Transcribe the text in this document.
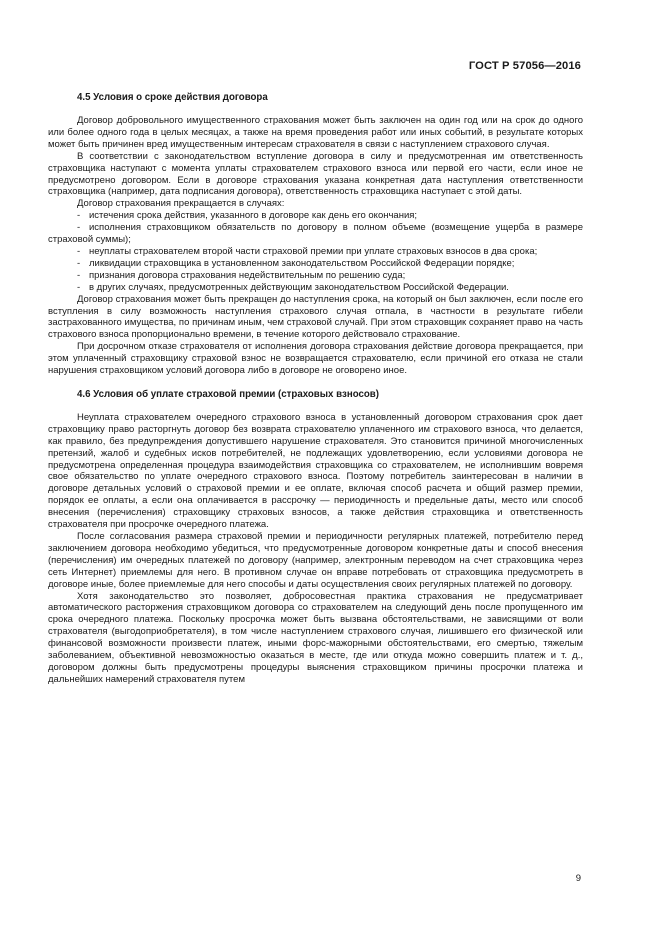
ГОСТ Р 57056—2016
4.5 Условия о сроке действия договора

Договор добровольного имущественного страхования может быть заключен на один год или на срок до одного или более одного года в целых месяцах, а также на время проведения работ или иных событий, в результате которых может быть причинен вред имущественным интересам страхователя в связи с наступлением страхового случая.

В соответствии с законодательством вступление договора в силу и предусмотренная им ответственность страховщика наступают с момента уплаты страхователем страхового взноса или первой его части, если иное не предусмотрено договором. Если в договоре страхования указана конкретная дата наступления ответственности страховщика (например, дата подписания договора), ответственность страховщика наступает с этой даты.

Договор страхования прекращается в случаях:

- истечения срока действия, указанного в договоре как день его окончания;

- исполнения страховщиком обязательств по договору в полном объеме (возмещение ущерба в размере страховой суммы);

- неуплаты страхователем второй части страховой премии при уплате страховых взносов в два срока;

- ликвидации страховщика в установленном законодательством Российской Федерации порядке;

- признания договора страхования недействительным по решению суда;

- в других случаях, предусмотренных действующим законодательством Российской Федерации.

Договор страхования может быть прекращен до наступления срока, на который он был заключен, если после его вступления в силу возможность наступления страхового случая отпала, в частности в результате гибели застрахованного имущества, по причинам иным, чем страховой случай. При этом страховщик сохраняет право на часть страхового взноса пропорционально времени, в течение которого действовало страхование.

При досрочном отказе страхователя от исполнения договора страхования действие договора прекращается, при этом уплаченный страховщику страховой взнос не возвращается страхователю, если причиной его отказа не стали нарушения страховщиком условий договора либо в договоре не оговорено иное.

4.6 Условия об уплате страховой премии (страховых взносов)

Неуплата страхователем очередного страхового взноса в установленный договором страхования срок дает страховщику право расторгнуть договор без возврата страхователю уплаченного им страхового взноса, что делается, как правило, без предупреждения допустившего нарушение страхователя. Это становится причиной многочисленных претензий, жалоб и судебных исков потребителей, не подлежащих удовлетворению, если условиями договора не предусмотрена определенная процедура взаимодействия страховщика со страхователем, не исполнившим вовремя свое обязательство по уплате очередного страхового взноса. Поэтому потребитель заинтересован в наличии в договоре детальных условий о страховой премии и ее оплате, включая способ расчета и общий размер премии, порядок ее оплаты, а если она оплачивается в рассрочку — периодичность и предельные даты, место или способ внесения (перечисления) страховщику страховых взносов, а также действия страховщика и ответственность страхователя при просрочке очередного платежа.

После согласования размера страховой премии и периодичности регулярных платежей, потребителю перед заключением договора необходимо убедиться, что предусмотренные договором конкретные даты и способ внесения (перечисления) им очередных платежей по договору (например, электронным переводом на счет страховщика через сеть Интернет) приемлемы для него. В противном случае он вправе потребовать от страховщика предусмотреть в договоре иные, более приемлемые для него способы и даты осуществления своих регулярных платежей по договору.

Хотя законодательство это позволяет, добросовестная практика страхования не предусматривает автоматического расторжения страховщиком договора со страхователем на следующий день после пропущенного им срока очередного платежа. Поскольку просрочка может быть вызвана обстоятельствами, не зависящими от воли страхователя (выгодоприобретателя), в том числе наступлением страхового случая, лишившего его физической или финансовой возможности произвести платеж, иными форс-мажорными обстоятельствами, его смертью, тяжелым заболеванием, объективной невозможностью оказаться в месте, где или откуда можно совершить платеж и т. д., договором должны быть предусмотрены процедуры выяснения страховщиком причины просрочки платежа и дальнейших намерений страхователя путем

9
